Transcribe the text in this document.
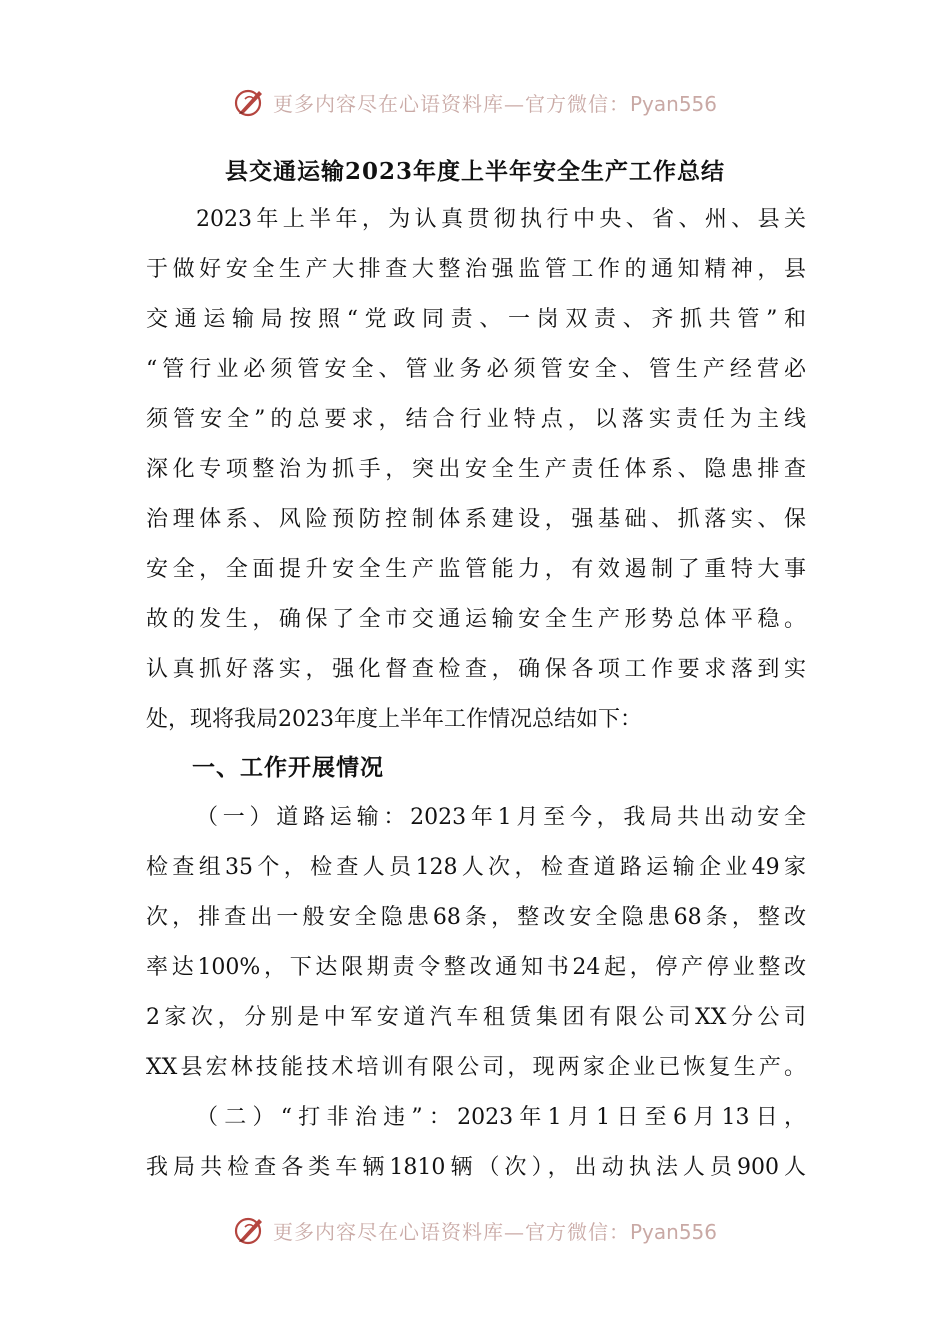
更多内容尽在心语资料库—官方微信：Pyan556
县交通运输2023年度上半年安全生产工作总结
2023年上半年，为认真贯彻执行中央、省、州、县关
于做好安全生产大排查大整治强监管工作的通知精神，县
交通运输局按照“党政同责、一岗双责、齐抓共管”和
“管行业必须管安全、管业务必须管安全、管生产经营必
须管安全”的总要求，结合行业特点，以落实责任为主线
深化专项整治为抓手，突出安全生产责任体系、隐患排查
治理体系、风险预防控制体系建设，强基础、抓落实、保
安全，全面提升安全生产监管能力，有效遏制了重特大事
故的发生，确保了全市交通运输安全生产形势总体平稳。
认真抓好落实，强化督查检查，确保各项工作要求落到实
处，现将我局2023年度上半年工作情况总结如下：
一、工作开展情况
（一）道路运输：2023年1月至今，我局共出动安全
检查组35个，检查人员128人次，检查道路运输企业49家
次，排查出一般安全隐患68条，整改安全隐患68条，整改
率达100%，下达限期责令整改通知书24起，停产停业整改
2家次，分别是中军安道汽车租赁集团有限公司XX分公司
XX县宏林技能技术培训有限公司，现两家企业已恢复生产。
（二）“打非治违”：2023年1月1日至6月13日，
我局共检查各类车辆1810辆（次），出动执法人员900人
更多内容尽在心语资料库—官方微信：Pyan556
